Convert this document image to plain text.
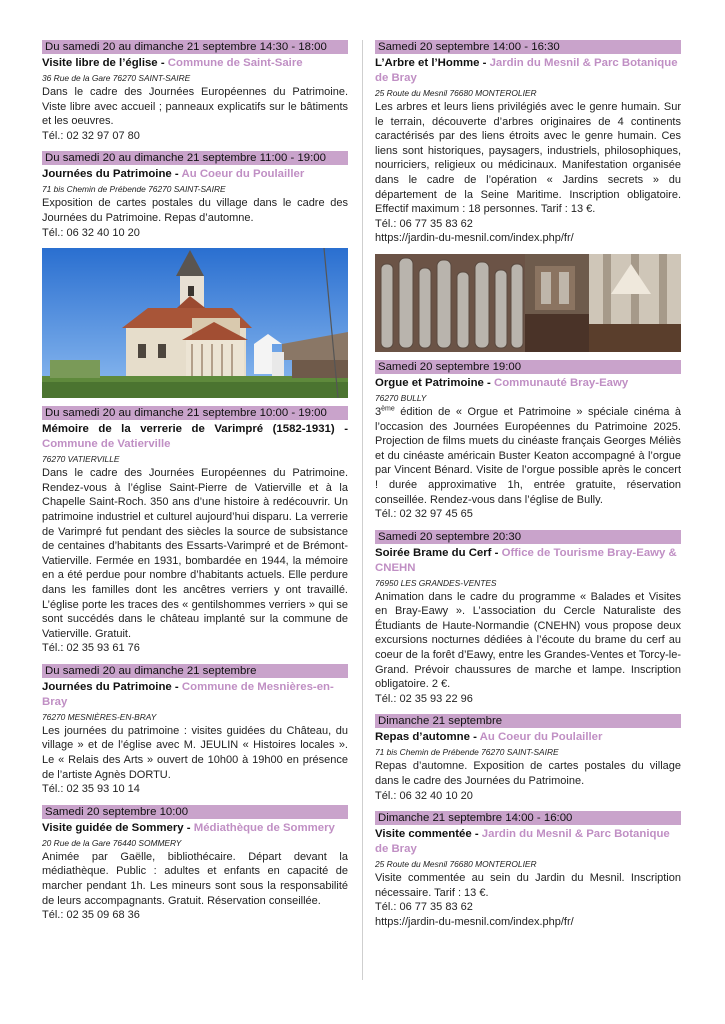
Du samedi 20 au dimanche 21 septembre 14:30 - 18:00
Visite libre de l’église - Commune de Saint-Saire
36 Rue de la Gare 76270 SAINT-SAIRE
Dans le cadre des Journées Européennes du Patrimoine. Viste libre avec accueil ; panneaux explicatifs sur le bâtiments et les oeuvres.
Tél.: 02 32 97 07 80
Du samedi 20 au dimanche 21 septembre 11:00 - 19:00
Journées du Patrimoine - Au Coeur du Poulailler
71 bis Chemin de Prébende 76270 SAINT-SAIRE
Exposition de cartes postales du village dans le cadre des Journées du Patrimoine. Repas d’automne.
Tél.: 06 32 40 10 20
Du samedi 20 au dimanche 21 septembre 10:00 - 19:00
Mémoire de la verrerie de Varimpré (1582-1931) - Commune de Vatierville
76270 VATIERVILLE
Dans le cadre des Journées Européennes du Patrimoine. Rendez-vous à l’église Saint-Pierre de Vatierville et à la Chapelle Saint-Roch. 350 ans d’une histoire à redécouvrir. Un patrimoine industriel et culturel aujourd’hui disparu. La verrerie de Varimpré fut pendant des siècles la source de subsistance de centaines d’habitants des Essarts-Varimpré et de Brémont-Vatierville. Fermée en 1931, bombardée en 1944, la mémoire en a été perdue pour nombre d’habitants actuels. Elle perdure dans les familles dont les ancêtres verriers y ont travaillé. L’église porte les traces des « gentilshommes verriers » qui se sont succédés dans le château implanté sur la commune de Vatierville. Gratuit.
Tél.: 02 35 93 61 76
Du samedi 20 au dimanche 21 septembre
Journées du Patrimoine - Commune de Mesnières-en-Bray
76270 MESNIÈRES-EN-BRAY
Les journées du patrimoine : visites guidées du Château, du village » et de l’église avec M. JEULIN « Histoires locales ». Le « Relais des Arts » ouvert de 10h00 à 19h00 en présence de l’artiste Agnès DORTU.
Tél.: 02 35 93 10 14
Samedi 20 septembre 10:00
Visite guidée de Sommery - Médiathèque de Sommery
20 Rue de la Gare 76440 SOMMERY
Animée par Gaëlle, bibliothécaire. Départ devant la médiathèque. Public : adultes et enfants en capacité de marcher pendant 1h. Les mineurs sont sous la responsabilité de leurs accompagnants. Gratuit. Réservation conseillée.
Tél.: 02 35 09 68 36
Samedi 20 septembre 14:00 - 16:30
L’Arbre et l’Homme - Jardin du Mesnil & Parc Botanique de Bray
25 Route du Mesnil 76680 MONTEROLIER
Les arbres et leurs liens privilégiés avec le genre humain. Sur le terrain, découverte d’arbres originaires de 4 continents caractérisés par des liens étroits avec le genre humain. Ces liens sont historiques, paysagers, industriels, philosophiques, nourriciers, religieux ou médicinaux. Manifestation organisée dans le cadre de l’opération « Jardins secrets » du département de la Seine Maritime. Inscription obligatoire. Effectif maximum : 18 personnes. Tarif : 13 €.
Tél.: 06 77 35 83 62
https://jardin-du-mesnil.com/index.php/fr/
Samedi 20 septembre 19:00
Orgue et Patrimoine - Communauté Bray-Eawy
76270 BULLY
3ème édition de « Orgue et Patrimoine » spéciale cinéma à l’occasion des Journées Européennes du Patrimoine 2025. Projection de films muets du cinéaste français Georges Méliès et du cinéaste américain Buster Keaton accompagné à l’orgue par Vincent Bénard. Visite de l’orgue possible après le concert ! durée approximative 1h, entrée gratuite, réservation conseillée. Rendez-vous dans l’église de Bully.
Tél.: 02 32 97 45 65
Samedi 20 septembre 20:30
Soirée Brame du Cerf - Office de Tourisme Bray-Eawy & CNEHN
76950 LES GRANDES-VENTES
Animation dans le cadre du programme « Balades et Visites en Bray-Eawy ». L’association du Cercle Naturaliste des Étudiants de Haute-Normandie (CNEHN) vous propose deux excursions nocturnes dédiées à l’écoute du brame du cerf au coeur de la forêt d’Eawy, entre les Grandes-Ventes et Torcy-le-Grand. Prévoir chaussures de marche et lampe. Inscription obligatoire. 2 €.
Tél.: 02 35 93 22 96
Dimanche 21 septembre
Repas d’automne - Au Coeur du Poulailler
71 bis Chemin de Prébende 76270 SAINT-SAIRE
Repas d’automne. Exposition de cartes postales du village dans le cadre des Journées du Patrimoine.
Tél.: 06 32 40 10 20
Dimanche 21 septembre 14:00 - 16:00
Visite commentée - Jardin du Mesnil & Parc Botanique de Bray
25 Route du Mesnil 76680 MONTEROLIER
Visite commentée au sein du Jardin du Mesnil. Inscription nécessaire. Tarif : 13 €.
Tél.: 06 77 35 83 62
https://jardin-du-mesnil.com/index.php/fr/
